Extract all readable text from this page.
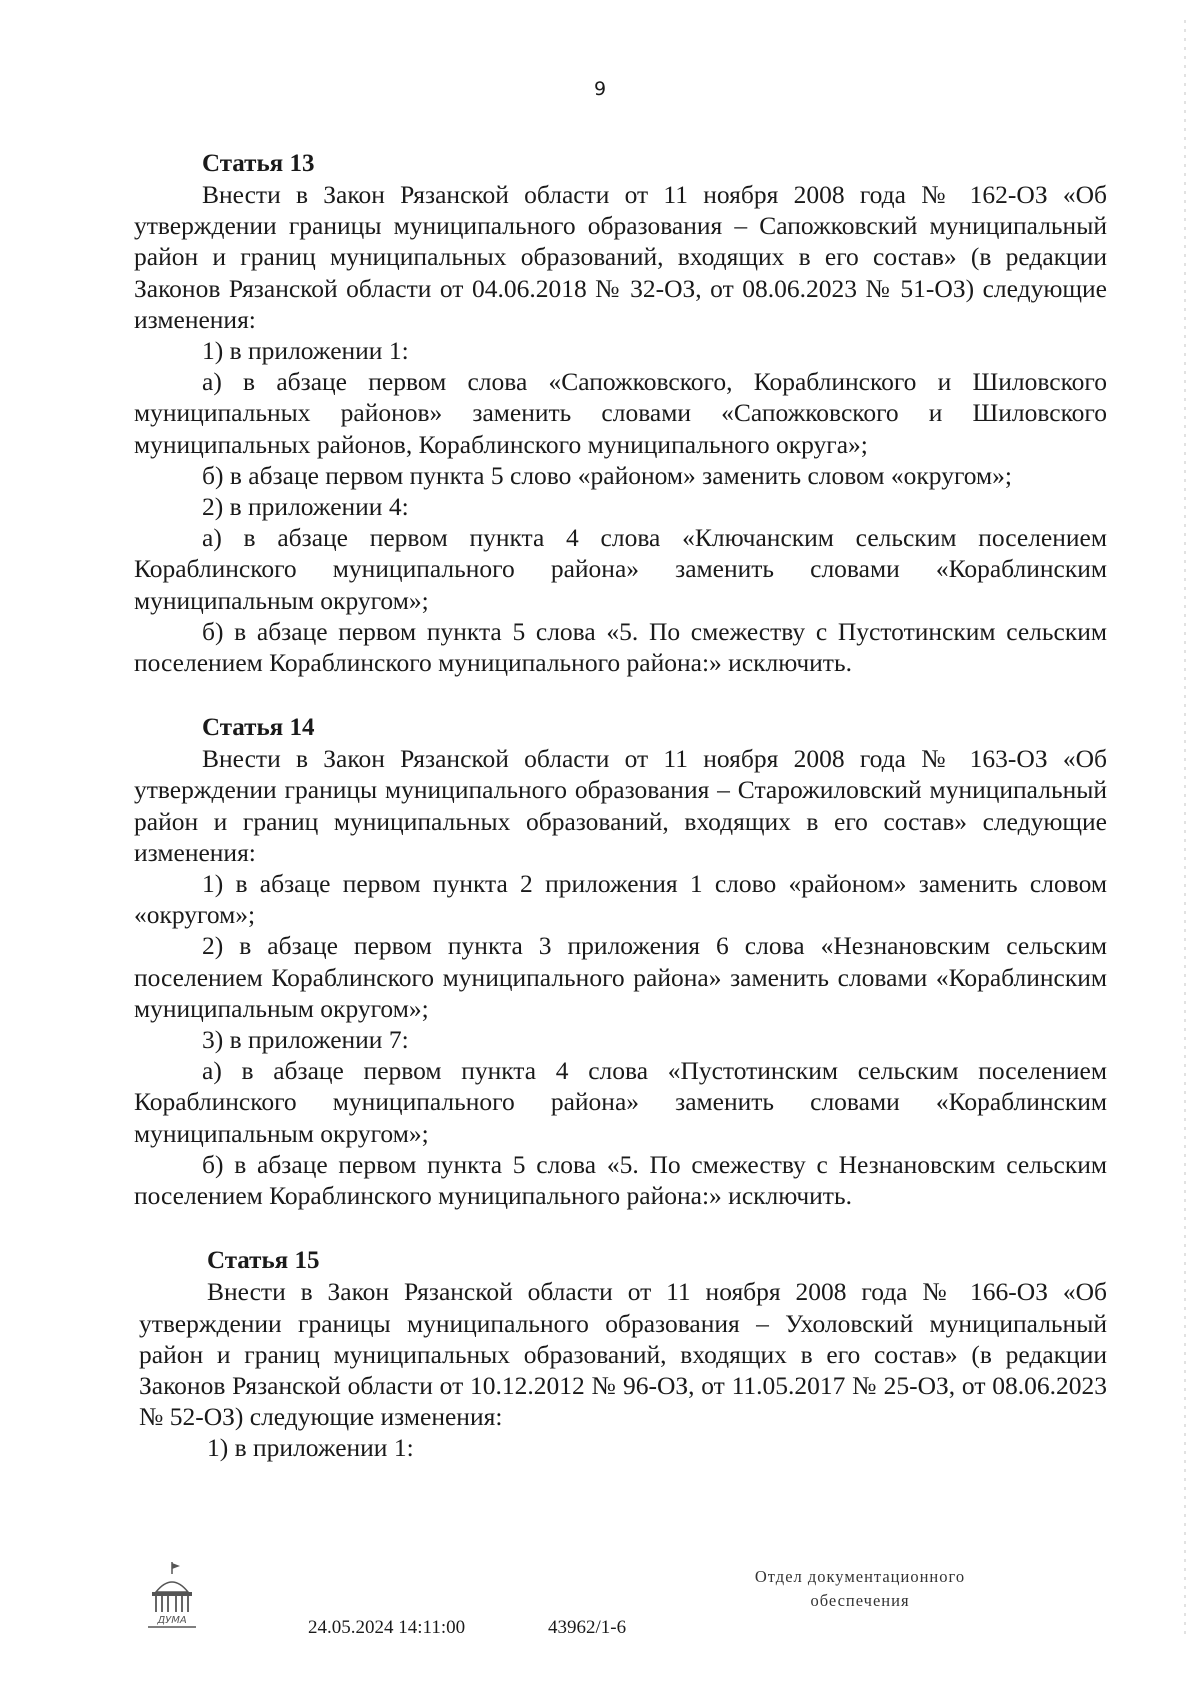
9

Статья 13

Внести в Закон Рязанской области от 11 ноября 2008 года № 162-ОЗ «Об утверждении границы муниципального образования – Сапожковский муниципальный район и границ муниципальных образований, входящих в его состав» (в редакции Законов Рязанской области от 04.06.2018 № 32-ОЗ, от 08.06.2023 № 51-ОЗ) следующие изменения:

1) в приложении 1:

а) в абзаце первом слова «Сапожковского, Кораблинского и Шиловского муниципальных районов» заменить словами «Сапожковского и Шиловского муниципальных районов, Кораблинского муниципального округа»;

б) в абзаце первом пункта 5 слово «районом» заменить словом «округом»;

2) в приложении 4:

а) в абзаце первом пункта 4 слова «Ключанским сельским поселением Кораблинского муниципального района» заменить словами «Кораблинским муниципальным округом»;

б) в абзаце первом пункта 5 слова «5. По смежеству с Пустотинским сельским поселением Кораблинского муниципального района:» исключить.

Статья 14

Внести в Закон Рязанской области от 11 ноября 2008 года № 163-ОЗ «Об утверждении границы муниципального образования – Старожиловский муниципальный район и границ муниципальных образований, входящих в его состав» следующие изменения:

1) в абзаце первом пункта 2 приложения 1 слово «районом» заменить словом «округом»;

2) в абзаце первом пункта 3 приложения 6 слова «Незнановским сельским поселением Кораблинского муниципального района» заменить словами «Кораблинским муниципальным округом»;

3) в приложении 7:

а) в абзаце первом пункта 4 слова «Пустотинским сельским поселением Кораблинского муниципального района» заменить словами «Кораблинским муниципальным округом»;

б) в абзаце первом пункта 5 слова «5. По смежеству с Незнановским сельским поселением Кораблинского муниципального района:» исключить.

Статья 15

Внести в Закон Рязанской области от 11 ноября 2008 года № 166-ОЗ «Об утверждении границы муниципального образования – Ухоловский муниципальный район и границ муниципальных образований, входящих в его состав» (в редакции Законов Рязанской области от 10.12.2012 № 96-ОЗ, от 11.05.2017 № 25-ОЗ, от 08.06.2023 № 52-ОЗ) следующие изменения:

1) в приложении 1:

ДУМА	24.05.2024 14:11:00	43962/1-6
Отдел документационного
обеспечения
